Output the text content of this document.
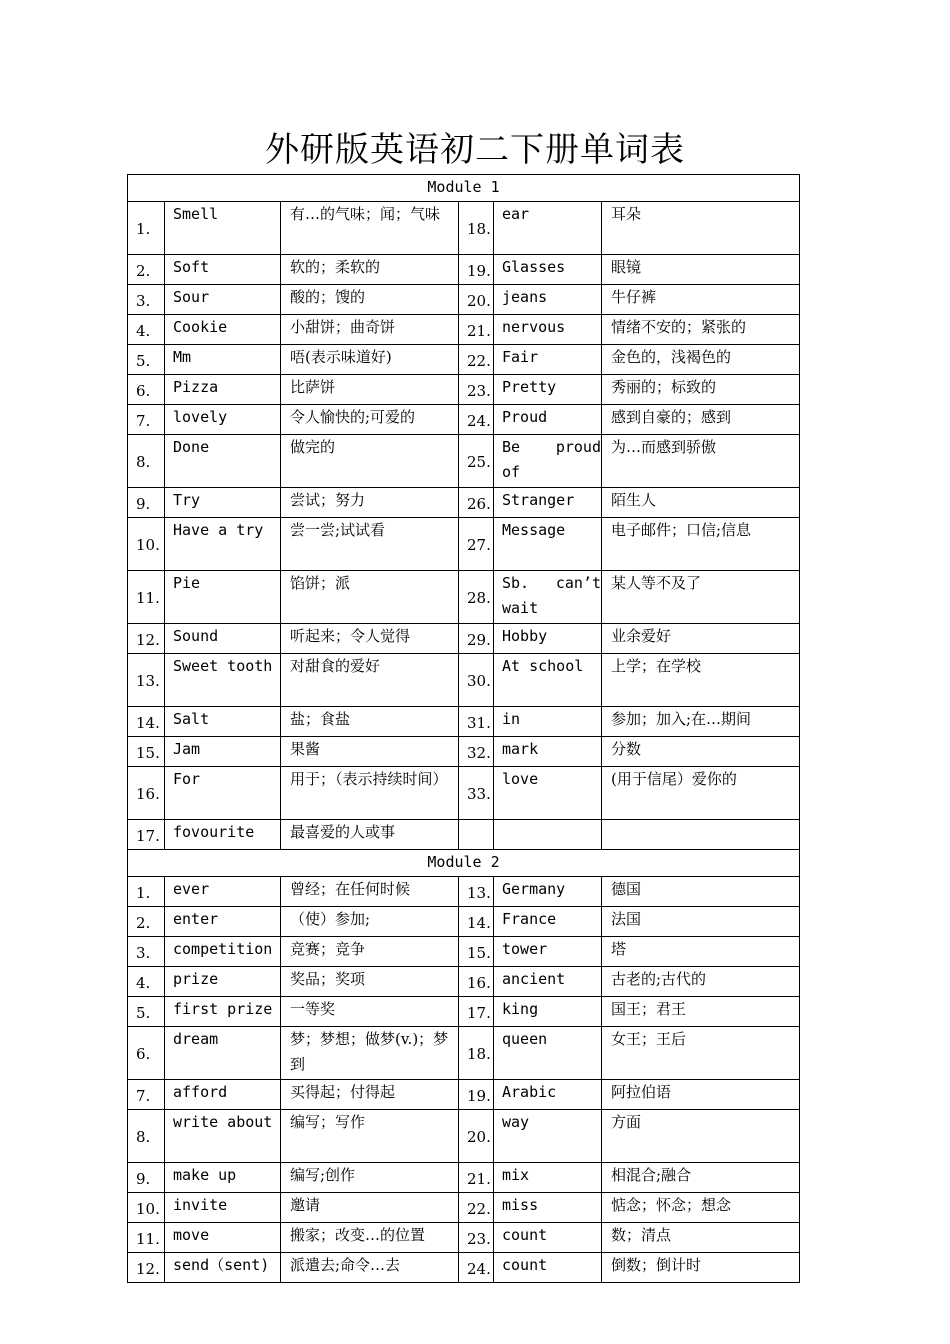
外研版英语初二下册单词表
Module 1					
1.	Smell	有…的气味；闻；气味	18.	ear	耳朵
2.	Soft	软的；柔软的	19.	Glasses	眼镜
3.	Sour	酸的；馊的	20.	jeans	牛仔裤
4.	Cookie	小甜饼；曲奇饼	21.	nervous	情绪不安的；紧张的
5.	Mm	唔(表示味道好)	22.	Fair	金色的，浅褐色的
6.	Pizza	比萨饼	23.	Pretty	秀丽的；标致的
7.	lovely	令人愉快的;可爱的	24.	Proud	感到自豪的；感到
8.	Done	做完的	25.	Be proud of	为…而感到骄傲
9.	Try	尝试；努力	26.	Stranger	陌生人
10.	Have a try	尝一尝;试试看	27.	Message	电子邮件；口信;信息
11.	Pie	馅饼；派	28.	Sb. can’t wait	某人等不及了
12.	Sound	听起来；令人觉得	29.	Hobby	业余爱好
13.	Sweet tooth	对甜食的爱好	30.	At school	上学；在学校
14.	Salt	盐；食盐	31.	in	参加；加入;在…期间
15.	Jam	果酱	32.	mark	分数
16.	For	用于；（表示持续时间）	33.	love	(用于信尾）爱你的
17.	fovourite	最喜爱的人或事			
Module 2					
1.	ever	曾经；在任何时候	13.	Germany	德国
2.	enter	（使）参加;	14.	France	法国
3.	competition	竞赛；竞争	15.	tower	塔
4.	prize	奖品；奖项	16.	ancient	古老的;古代的
5.	first prize	一等奖	17.	king	国王；君王
6.	dream	梦；梦想；做梦(v.)；梦到	18.	queen	女王；王后
7.	afford	买得起；付得起	19.	Arabic	阿拉伯语
8.	write about	编写；写作	20.	way	方面
9.	make up	编写;创作	21.	mix	相混合;融合
10.	invite	邀请	22.	miss	惦念；怀念；想念
11.	move	搬家；改变…的位置	23.	count	数；清点
12.	send（sent)	派遣去;命令…去	24.	count	倒数；倒计时
